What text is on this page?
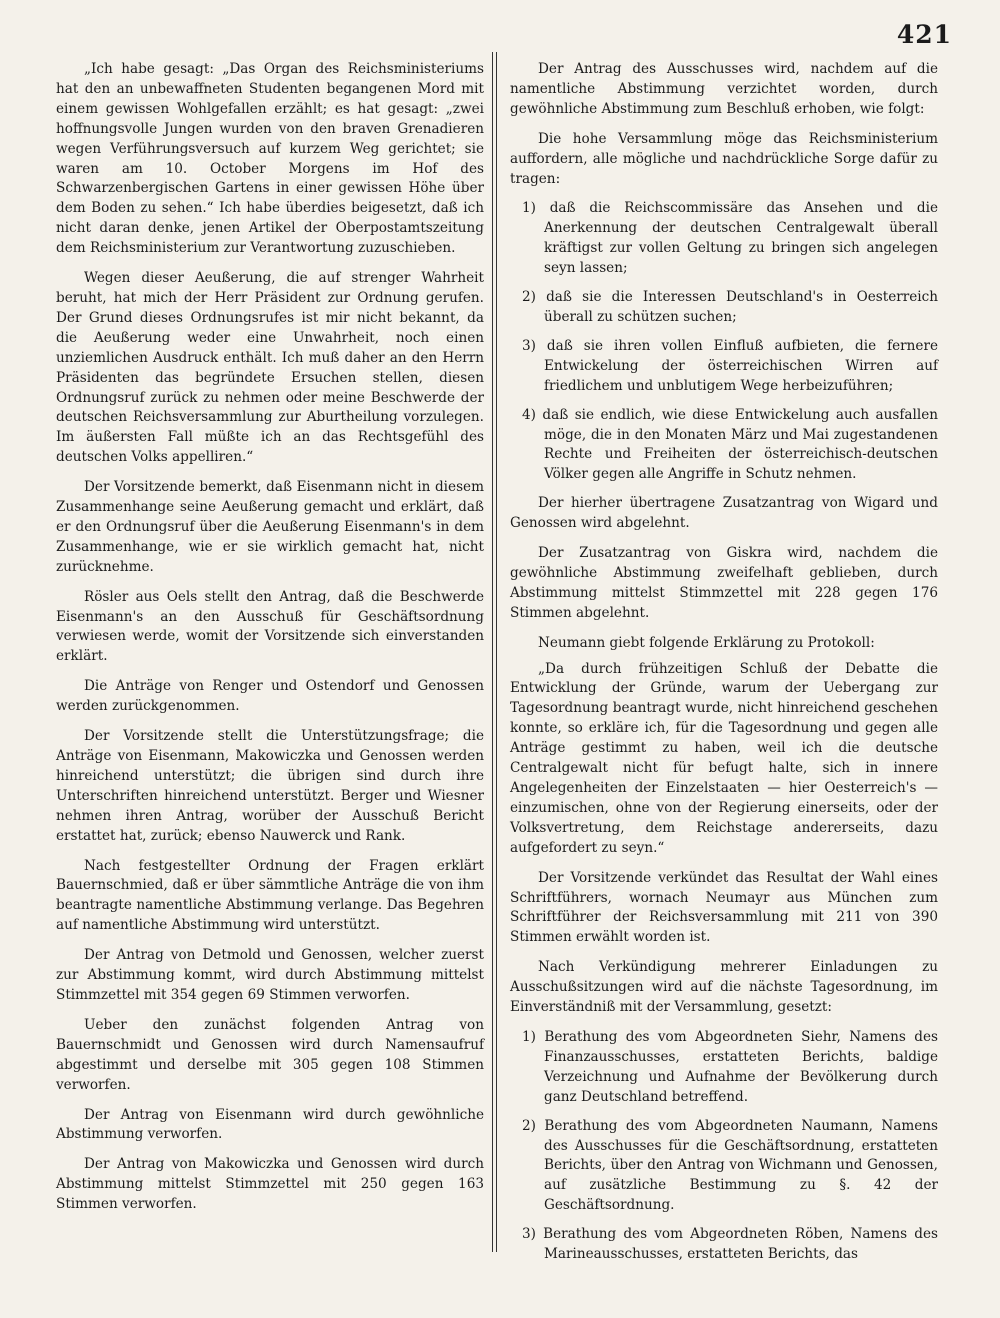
421

„Ich habe gesagt: „Das Organ des Reichsministeriums hat den an unbewaffneten Studenten begangenen Mord mit einem gewissen Wohlgefallen erzählt; es hat gesagt: „zwei hoffnungsvolle Jungen wurden von den braven Grenadieren wegen Verführungsversuch auf kurzem Weg gerichtet; sie waren am 10. October Morgens im Hof des Schwarzenbergischen Gartens in einer gewissen Höhe über dem Boden zu sehen.“ Ich habe überdies beigesetzt, daß ich nicht daran denke, jenen Artikel der Oberpostamtszeitung dem Reichsministerium zur Verantwortung zuzuschieben.

Wegen dieser Aeußerung, die auf strenger Wahrheit beruht, hat mich der Herr Präsident zur Ordnung gerufen. Der Grund dieses Ordnungsrufes ist mir nicht bekannt, da die Aeußerung weder eine Unwahrheit, noch einen unziemlichen Ausdruck enthält. Ich muß daher an den Herrn Präsidenten das begründete Ersuchen stellen, diesen Ordnungsruf zurück zu nehmen oder meine Beschwerde der deutschen Reichsversammlung zur Aburtheilung vorzulegen. Im äußersten Fall müßte ich an das Rechtsgefühl des deutschen Volks appelliren.“

Der Vorsitzende bemerkt, daß Eisenmann nicht in diesem Zusammenhange seine Aeußerung gemacht und erklärt, daß er den Ordnungsruf über die Aeußerung Eisenmann's in dem Zusammenhange, wie er sie wirklich gemacht hat, nicht zurücknehme.

Rösler aus Oels stellt den Antrag, daß die Beschwerde Eisenmann's an den Ausschuß für Geschäftsordnung verwiesen werde, womit der Vorsitzende sich einverstanden erklärt.

Die Anträge von Renger und Ostendorf und Genossen werden zurückgenommen.

Der Vorsitzende stellt die Unterstützungsfrage; die Anträge von Eisenmann, Makowiczka und Genossen werden hinreichend unterstützt; die übrigen sind durch ihre Unterschriften hinreichend unterstützt. Berger und Wiesner nehmen ihren Antrag, worüber der Ausschuß Bericht erstattet hat, zurück; ebenso Nauwerck und Rank.

Nach festgestellter Ordnung der Fragen erklärt Bauernschmied, daß er über sämmtliche Anträge die von ihm beantragte namentliche Abstimmung verlange. Das Begehren auf namentliche Abstimmung wird unterstützt.

Der Antrag von Detmold und Genossen, welcher zuerst zur Abstimmung kommt, wird durch Abstimmung mittelst Stimmzettel mit 354 gegen 69 Stimmen verworfen.

Ueber den zunächst folgenden Antrag von Bauernschmidt und Genossen wird durch Namensaufruf abgestimmt und derselbe mit 305 gegen 108 Stimmen verworfen.

Der Antrag von Eisenmann wird durch gewöhnliche Abstimmung verworfen.

Der Antrag von Makowiczka und Genossen wird durch Abstimmung mittelst Stimmzettel mit 250 gegen 163 Stimmen verworfen.

Der Antrag des Ausschusses wird, nachdem auf die namentliche Abstimmung verzichtet worden, durch gewöhnliche Abstimmung zum Beschluß erhoben, wie folgt:

Die hohe Versammlung möge das Reichsministerium auffordern, alle mögliche und nachdrückliche Sorge dafür zu tragen:

1) daß die Reichscommissäre das Ansehen und die Anerkennung der deutschen Centralgewalt überall kräftigst zur vollen Geltung zu bringen sich angelegen seyn lassen;

2) daß sie die Interessen Deutschland's in Oesterreich überall zu schützen suchen;

3) daß sie ihren vollen Einfluß aufbieten, die fernere Entwickelung der österreichischen Wirren auf friedlichem und unblutigem Wege herbeizuführen;

4) daß sie endlich, wie diese Entwickelung auch ausfallen möge, die in den Monaten März und Mai zugestandenen Rechte und Freiheiten der österreichisch-deutschen Völker gegen alle Angriffe in Schutz nehmen.

Der hierher übertragene Zusatzantrag von Wigard und Genossen wird abgelehnt.

Der Zusatzantrag von Giskra wird, nachdem die gewöhnliche Abstimmung zweifelhaft geblieben, durch Abstimmung mittelst Stimmzettel mit 228 gegen 176 Stimmen abgelehnt.

Neumann giebt folgende Erklärung zu Protokoll:

„Da durch frühzeitigen Schluß der Debatte die Entwicklung der Gründe, warum der Uebergang zur Tagesordnung beantragt wurde, nicht hinreichend geschehen konnte, so erkläre ich, für die Tagesordnung und gegen alle Anträge gestimmt zu haben, weil ich die deutsche Centralgewalt nicht für befugt halte, sich in innere Angelegenheiten der Einzelstaaten — hier Oesterreich's — einzumischen, ohne von der Regierung einerseits, oder der Volksvertretung, dem Reichstage andererseits, dazu aufgefordert zu seyn.“

Der Vorsitzende verkündet das Resultat der Wahl eines Schriftführers, wornach Neumayr aus München zum Schriftführer der Reichsversammlung mit 211 von 390 Stimmen erwählt worden ist.

Nach Verkündigung mehrerer Einladungen zu Ausschußsitzungen wird auf die nächste Tagesordnung, im Einverständniß mit der Versammlung, gesetzt:

1) Berathung des vom Abgeordneten Siehr, Namens des Finanzausschusses, erstatteten Berichts, baldige Verzeichnung und Aufnahme der Bevölkerung durch ganz Deutschland betreffend.

2) Berathung des vom Abgeordneten Naumann, Namens des Ausschusses für die Geschäftsordnung, erstatteten Berichts, über den Antrag von Wichmann und Genossen, auf zusätzliche Bestimmung zu §. 42 der Geschäftsordnung.

3) Berathung des vom Abgeordneten Röben, Namens des Marineausschusses, erstatteten Berichts, das
